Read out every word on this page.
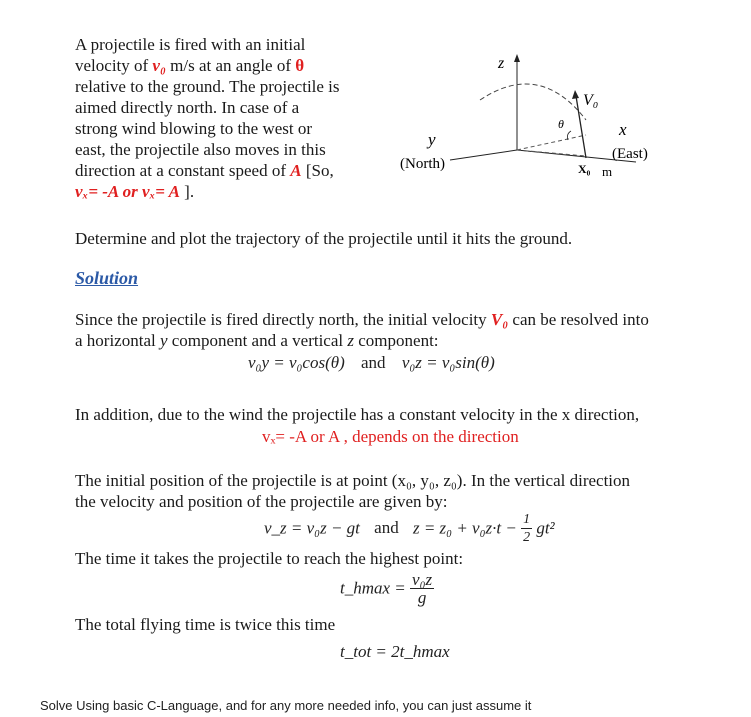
A projectile is fired with an initial
velocity of v₀ m/s at an angle of θ
relative to the ground. The projectile is
aimed directly north. In case of a
strong wind blowing to the west or
east, the projectile also moves in this
direction at a constant speed of A [So,
vₓ= -A or vₓ= A ].
z
y
(North)
x
(East)
V₀
θ
X₀ m
Determine and plot the trajectory of the projectile until it hits the ground.
Solution
Since the projectile is fired directly north, the initial velocity V₀ can be resolved into
a horizontal y component and a vertical z component:
v₀y = v₀cos(θ) and v₀z = v₀sin(θ)
In addition, due to the wind the projectile has a constant velocity in the x direction,
vₓ= -A or A , depends on the direction
The initial position of the projectile is at point (x₀, y₀, z₀). In the vertical direction
the velocity and position of the projectile are given by:
v_z = v₀z − gt and $z = z_0 + v_0z\cdot t - \frac{1}{2} gt^2$
The time it takes the projectile to reach the highest point:
t_hmax = $\frac{\text{v₀z}}{g}$
The total flying time is twice this time
t_tot = 2t_hmax
Solve Using basic C-Language, and for any more needed info, you can just assume it
